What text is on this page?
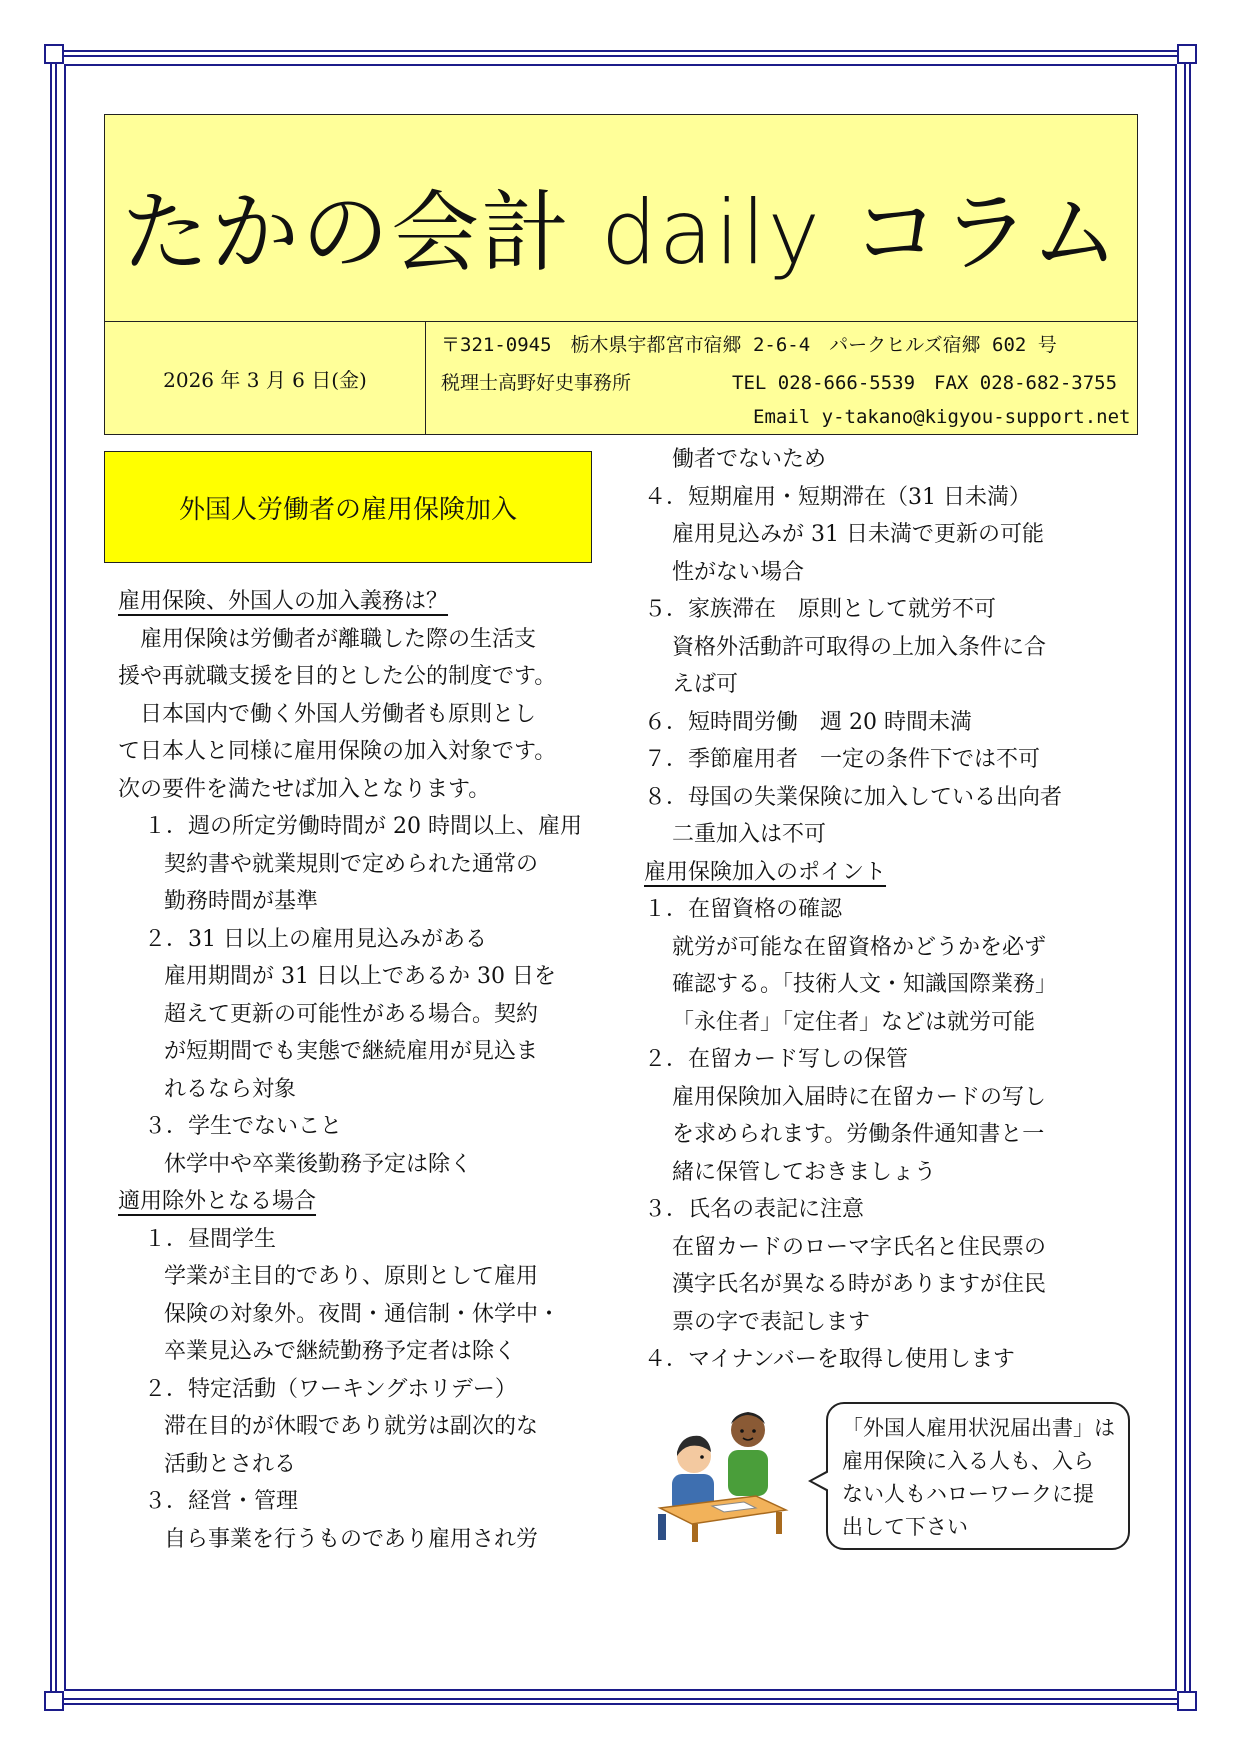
たかの会計 daily コラム
2026 年 3 月 6 日(金)
〒321-0945　栃木県宇都宮市宿郷 2-6-4　パークヒルズ宿郷 602 号
税理士高野好史事務所	TEL 028-666-5539　FAX 028-682-3755
Email y-takano@kigyou-support.net
外国人労働者の雇用保険加入
雇用保険、外国人の加入義務は？
　雇用保険は労働者が離職した際の生活支
援や再就職支援を目的とした公的制度です。
　日本国内で働く外国人労働者も原則とし
て日本人と同様に雇用保険の加入対象です。
次の要件を満たせば加入となります。
１．週の所定労働時間が 20 時間以上、雇用
契約書や就業規則で定められた通常の
勤務時間が基準
２．31 日以上の雇用見込みがある
雇用期間が 31 日以上であるか 30 日を
超えて更新の可能性がある場合。契約
が短期間でも実態で継続雇用が見込ま
れるなら対象
３．学生でないこと
休学中や卒業後勤務予定は除く
適用除外となる場合
１．昼間学生
学業が主目的であり、原則として雇用
保険の対象外。夜間・通信制・休学中・
卒業見込みで継続勤務予定者は除く
２．特定活動（ワーキングホリデー）
滞在目的が休暇であり就労は副次的な
活動とされる
３．経営・管理
自ら事業を行うものであり雇用され労
働者でないため
４．短期雇用・短期滞在（31 日未満）
雇用見込みが 31 日未満で更新の可能
性がない場合
５．家族滞在　原則として就労不可
資格外活動許可取得の上加入条件に合
えば可
６．短時間労働　週 20 時間未満
７．季節雇用者　一定の条件下では不可
８．母国の失業保険に加入している出向者
二重加入は不可
雇用保険加入のポイント
１．在留資格の確認
就労が可能な在留資格かどうかを必ず
確認する。「技術人文・知識国際業務」
「永住者」「定住者」などは就労可能
２．在留カード写しの保管
雇用保険加入届時に在留カードの写し
を求められます。労働条件通知書と一
緒に保管しておきましょう
３．氏名の表記に注意
在留カードのローマ字氏名と住民票の
漢字氏名が異なる時がありますが住民
票の字で表記します
４．マイナンバーを取得し使用します
「外国人雇用状況届出書」は
雇用保険に入る人も、入ら
ない人もハローワークに提
出して下さい
